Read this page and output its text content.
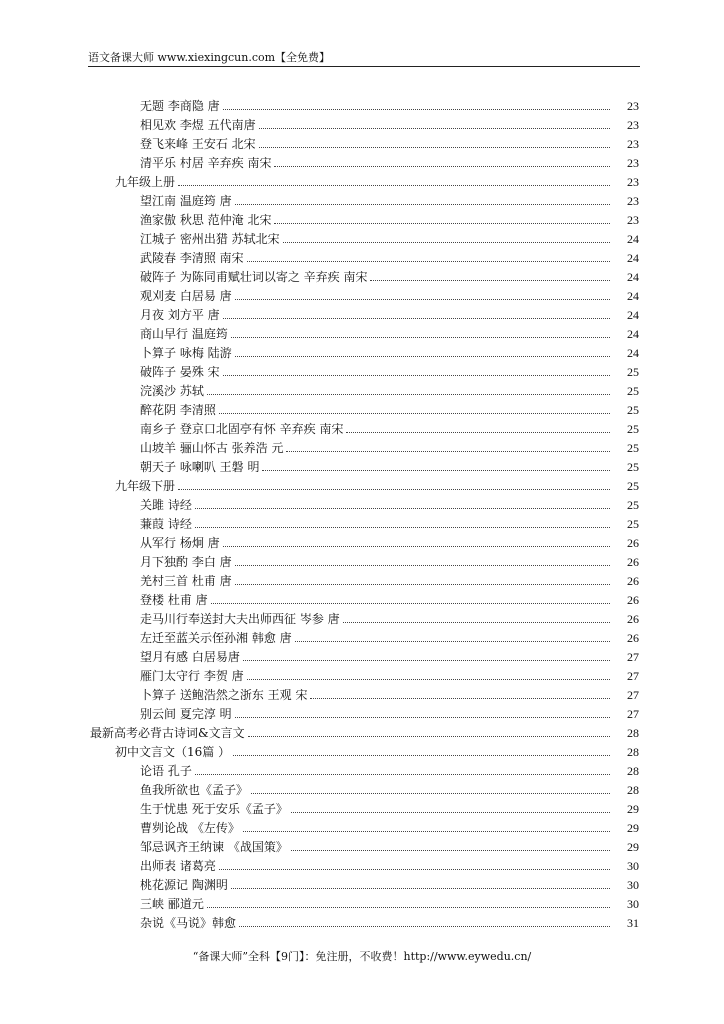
语文备课大师 www.xiexingcun.com【全免费】
无题 李商隐 唐	23
相见欢 李煜 五代南唐	23
登飞来峰 王安石 北宋	23
清平乐 村居 辛弃疾 南宋	23
九年级上册	23
望江南 温庭筠 唐	23
渔家傲 秋思 范仲淹 北宋	23
江城子 密州出猎 苏轼北宋	24
武陵春 李清照 南宋	24
破阵子 为陈同甫赋壮词以寄之 辛弃疾 南宋	24
观刈麦 白居易 唐	24
月夜 刘方平 唐	24
商山早行 温庭筠	24
卜算子 咏梅 陆游	24
破阵子 晏殊 宋	25
浣溪沙 苏轼	25
醉花阴 李清照	25
南乡子 登京口北固亭有怀 辛弃疾 南宋	25
山坡羊 骊山怀古 张养浩 元	25
朝天子 咏喇叭 王磐 明	25
九年级下册	25
关雎 诗经	25
蒹葭 诗经	25
从军行 杨炯 唐	26
月下独酌 李白 唐	26
羌村三首 杜甫 唐	26
登楼 杜甫 唐	26
走马川行奉送封大夫出师西征 岑参 唐	26
左迁至蓝关示侄孙湘 韩愈 唐	26
望月有感 白居易唐	27
雁门太守行 李贺 唐	27
卜算子 送鲍浩然之浙东 王观 宋	27
别云间 夏完淳 明	27
最新高考必背古诗词&文言文	28
初中文言文（16篇 ）	28
论语 孔子	28
鱼我所欲也《孟子》	28
生于忧患 死于安乐《孟子》	29
曹刿论战 《左传》	29
邹忌讽齐王纳谏 《战国策》	29
出师表 诸葛亮	30
桃花源记 陶渊明	30
三峡 郦道元	30
杂说《马说》韩愈	31
“备课大师”全科【9门】：免注册，不收费！http://www.eywedu.cn/
